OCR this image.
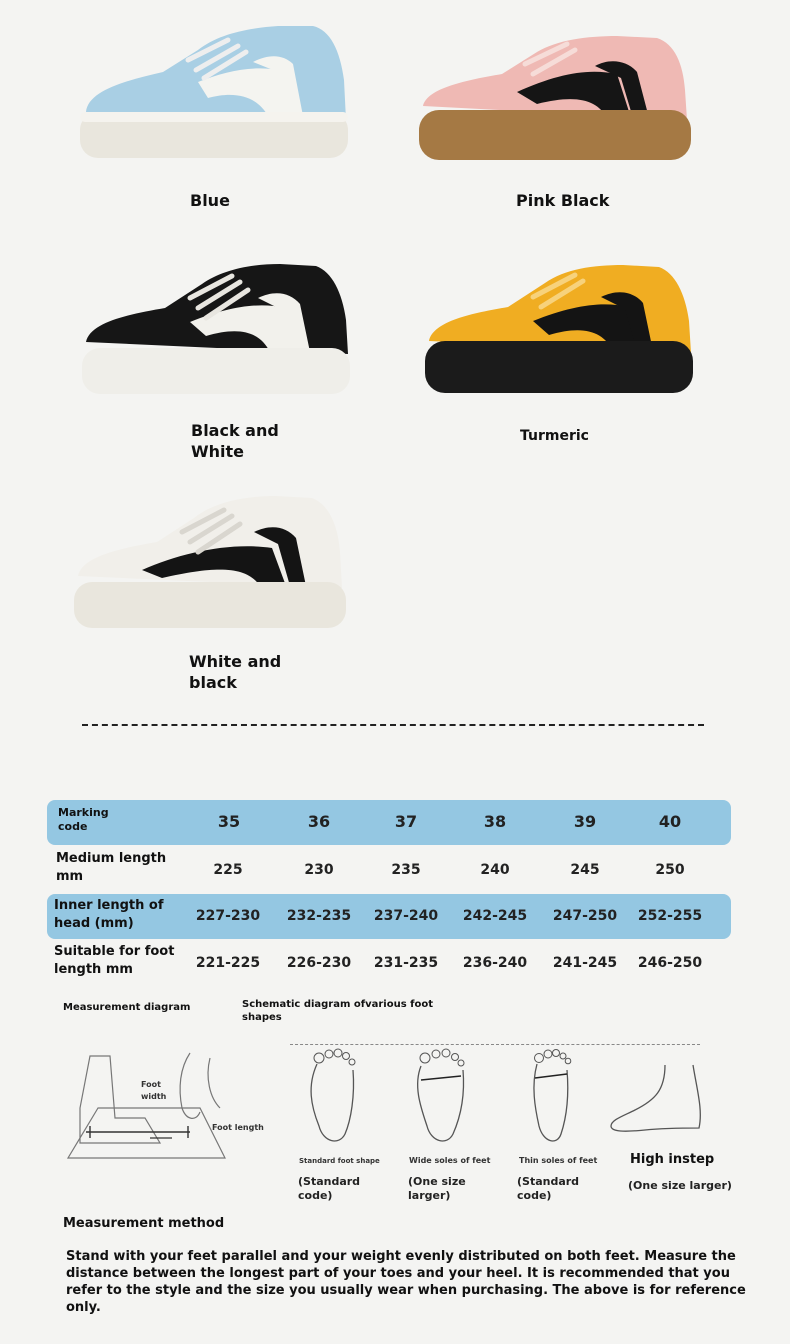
Blue	Pink Black
Black and White
Turmeric
White and black
Marking code	35	36	37	38	39	40
Medium length mm	225	230	235	240	245	250
Inner length of head (mm)	227-230 232-235 237-240 242-245 247-250 252-255
Suitable for foot length mm	221-225 226-230 231-235 236-240 241-245 246-250
Measurement diagram
Foot width
Foot length
Schematic diagram ofvarious foot shapes
Standard foot shape	Wide soles of feet	Thin soles of feet	High instep
(Standard code)
(One size larger)
(Standard code)
(One size larger)
Measurement method
Stand with your feet parallel and your weight evenly distributed on both feet. Measure the distance between the longest part of your toes and your heel. It is recommended that you refer to the style and the size you usually wear when purchasing. The above is for reference only.
